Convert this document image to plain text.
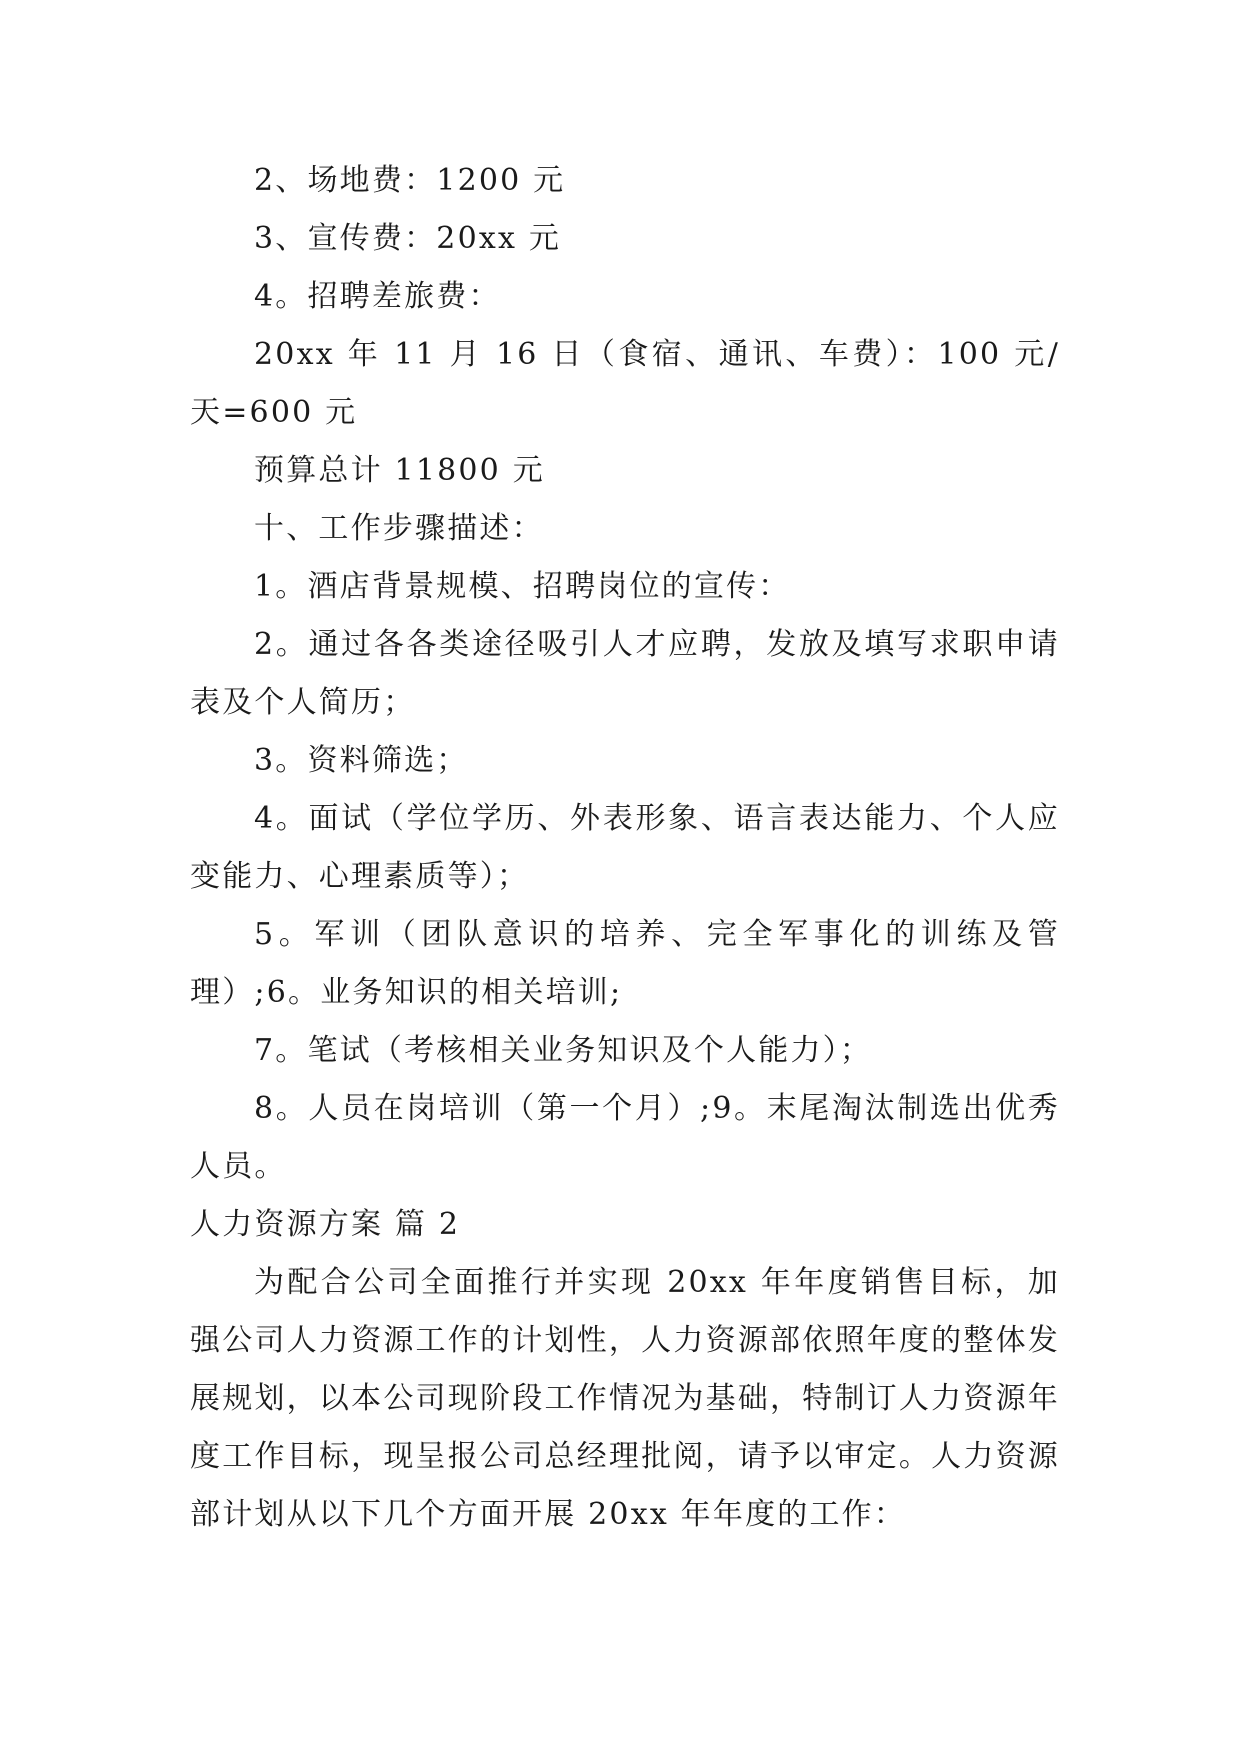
2、场地费：1200 元

3、宣传费：20xx 元

4。招聘差旅费：

20xx 年 11 月 16 日（食宿、通讯、车费）：100 元/天=600 元

预算总计 11800 元

十、工作步骤描述：

1。酒店背景规模、招聘岗位的宣传：

2。通过各各类途径吸引人才应聘，发放及填写求职申请表及个人简历；

3。资料筛选；

4。面试（学位学历、外表形象、语言表达能力、个人应变能力、心理素质等）；

5。军训（团队意识的培养、完全军事化的训练及管理）;6。业务知识的相关培训;

7。笔试（考核相关业务知识及个人能力）；

8。人员在岗培训（第一个月）;9。末尾淘汰制选出优秀人员。

人力资源方案 篇 2

为配合公司全面推行并实现 20xx 年年度销售目标，加强公司人力资源工作的计划性，人力资源部依照年度的整体发展规划，以本公司现阶段工作情况为基础，特制订人力资源年度工作目标，现呈报公司总经理批阅，请予以审定。人力资源部计划从以下几个方面开展 20xx 年年度的工作：
